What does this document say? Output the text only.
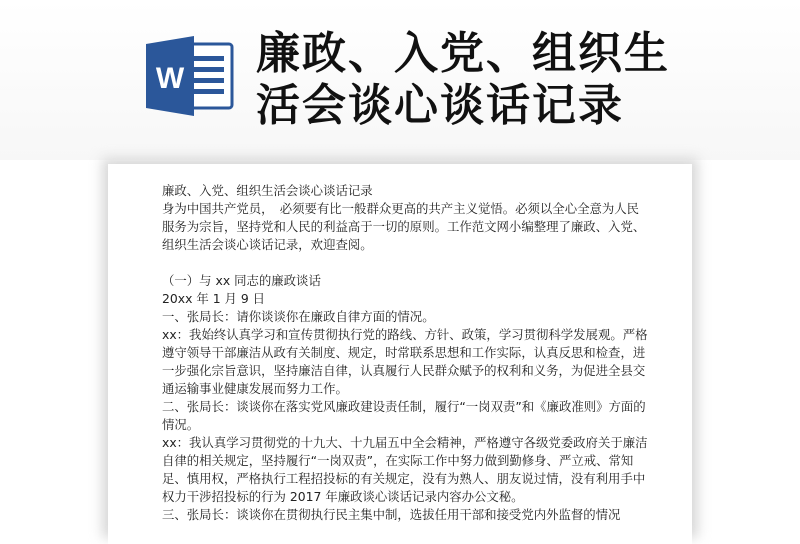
W 廉政、入党、组织生
活会谈心谈话记录

廉政、入党、组织生活会谈心谈话记录

身为中国共产党员，　必须要有比一般群众更高的共产主义觉悟。必须以全心全意为人民服务为宗旨，坚持党和人民的利益高于一切的原则。工作范文网小编整理了廉政、入党、组织生活会谈心谈话记录，欢迎查阅。

（一）与 xx 同志的廉政谈话

20xx 年 1 月 9 日

一、张局长：请你谈谈你在廉政自律方面的情况。

xx：我始终认真学习和宣传贯彻执行党的路线、方针、政策，学习贯彻科学发展观。严格遵守领导干部廉洁从政有关制度、规定，时常联系思想和工作实际，认真反思和检查，进一步强化宗旨意识，坚持廉洁自律，认真履行人民群众赋予的权利和义务，为促进全县交通运输事业健康发展而努力工作。

二、张局长：谈谈你在落实党风廉政建设责任制，履行“一岗双责”和《廉政准则》方面的情况。

xx：我认真学习贯彻党的十九大、十九届五中全会精神，严格遵守各级党委政府关于廉洁自律的相关规定，坚持履行“一岗双责”，在实际工作中努力做到勤修身、严立戒、常知足、慎用权，严格执行工程招投标的有关规定，没有为熟人、朋友说过情，没有利用手中权力干涉招投标的行为 2017 年廉政谈心谈话记录内容办公文秘。

三、张局长：谈谈你在贯彻执行民主集中制，选拔任用干部和接受党内外监督的情况
